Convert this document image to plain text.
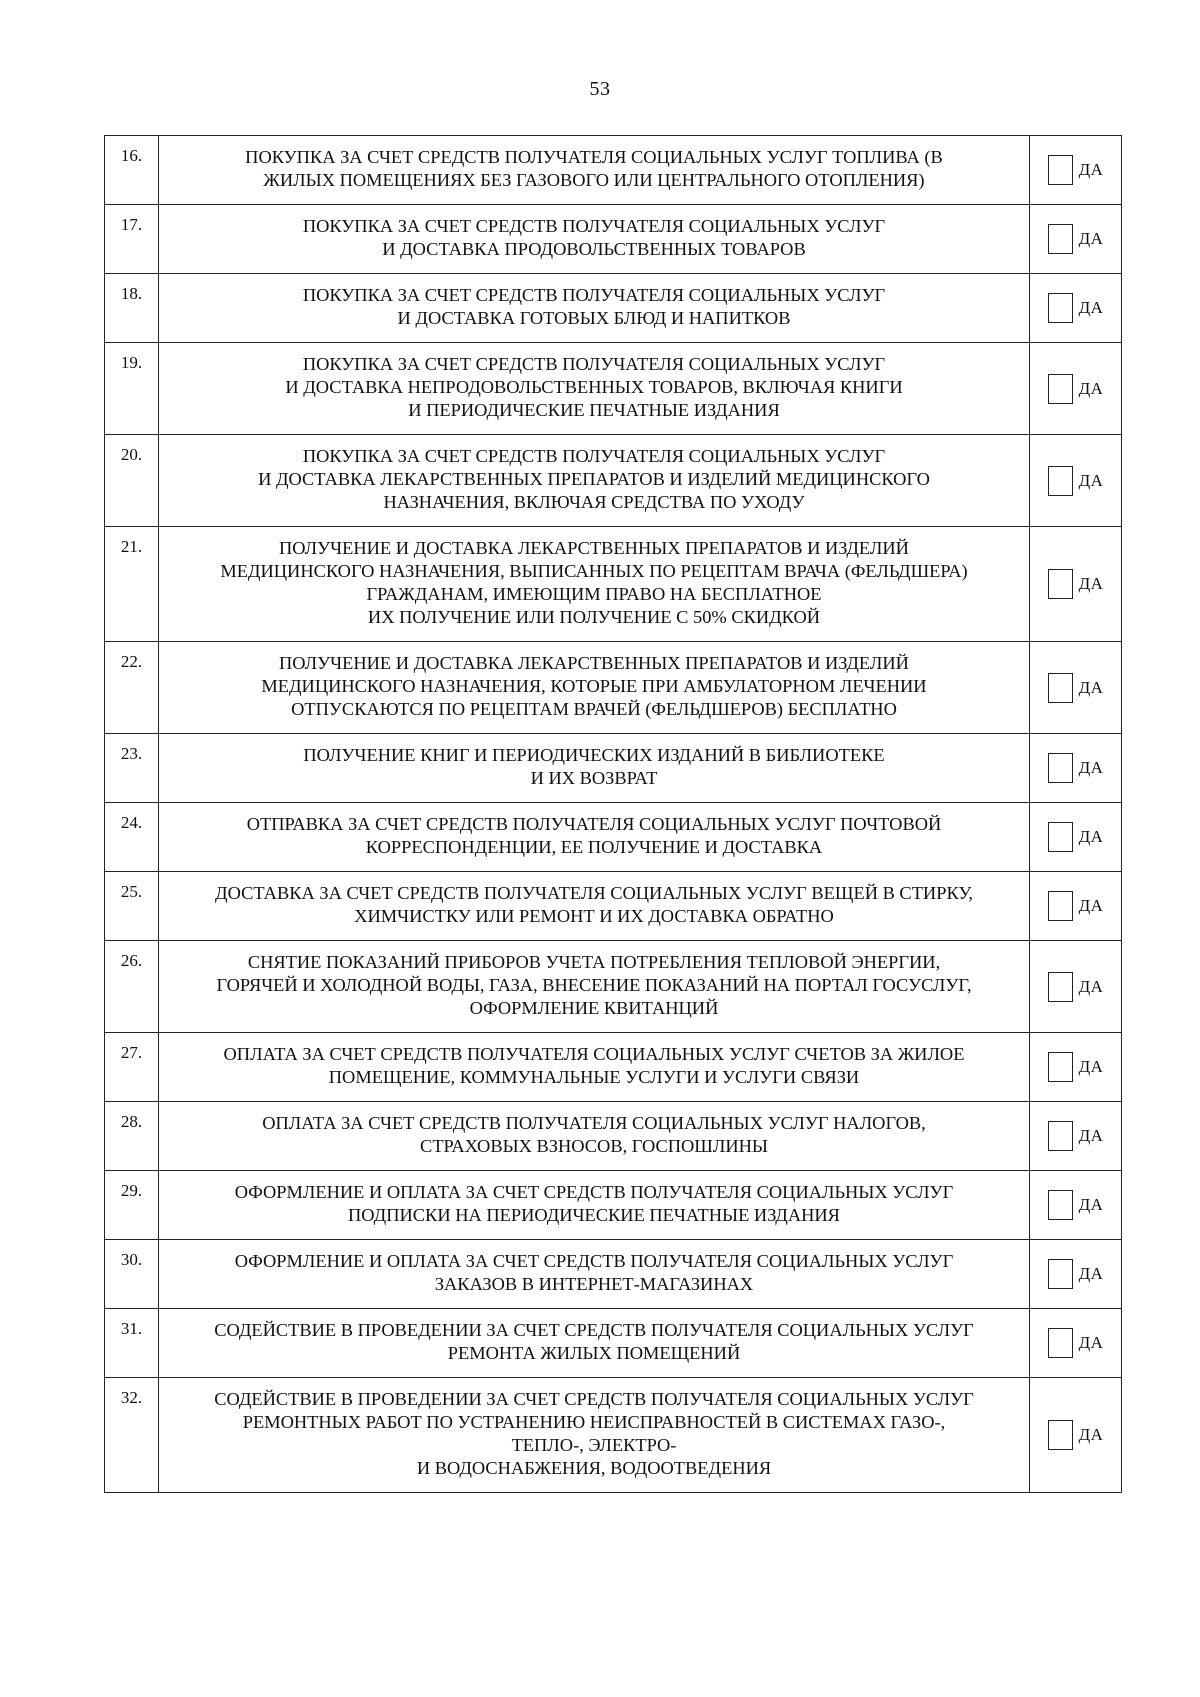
53
16.	ПОКУПКА ЗА СЧЕТ СРЕДСТВ ПОЛУЧАТЕЛЯ СОЦИАЛЬНЫХ УСЛУГ ТОПЛИВА (В
ЖИЛЫХ ПОМЕЩЕНИЯХ БЕЗ ГАЗОВОГО ИЛИ ЦЕНТРАЛЬНОГО ОТОПЛЕНИЯ)	ДА

17.	ПОКУПКА ЗА СЧЕТ СРЕДСТВ ПОЛУЧАТЕЛЯ СОЦИАЛЬНЫХ УСЛУГ
И ДОСТАВКА ПРОДОВОЛЬСТВЕННЫХ ТОВАРОВ	ДА

18.	ПОКУПКА ЗА СЧЕТ СРЕДСТВ ПОЛУЧАТЕЛЯ СОЦИАЛЬНЫХ УСЛУГ
И ДОСТАВКА ГОТОВЫХ БЛЮД И НАПИТКОВ	ДА

19.	ПОКУПКА ЗА СЧЕТ СРЕДСТВ ПОЛУЧАТЕЛЯ СОЦИАЛЬНЫХ УСЛУГ
И ДОСТАВКА НЕПРОДОВОЛЬСТВЕННЫХ ТОВАРОВ, ВКЛЮЧАЯ КНИГИ
И ПЕРИОДИЧЕСКИЕ ПЕЧАТНЫЕ ИЗДАНИЯ	ДА

20.	ПОКУПКА ЗА СЧЕТ СРЕДСТВ ПОЛУЧАТЕЛЯ СОЦИАЛЬНЫХ УСЛУГ
И ДОСТАВКА ЛЕКАРСТВЕННЫХ ПРЕПАРАТОВ И ИЗДЕЛИЙ МЕДИЦИНСКОГО
НАЗНАЧЕНИЯ, ВКЛЮЧАЯ СРЕДСТВА ПО УХОДУ	ДА

21.	ПОЛУЧЕНИЕ И ДОСТАВКА ЛЕКАРСТВЕННЫХ ПРЕПАРАТОВ И ИЗДЕЛИЙ
МЕДИЦИНСКОГО НАЗНАЧЕНИЯ, ВЫПИСАННЫХ ПО РЕЦЕПТАМ ВРАЧА (ФЕЛЬДШЕРА)
ГРАЖДАНАМ, ИМЕЮЩИМ ПРАВО НА БЕСПЛАТНОЕ
ИХ ПОЛУЧЕНИЕ ИЛИ ПОЛУЧЕНИЕ С 50% СКИДКОЙ	ДА

22.	ПОЛУЧЕНИЕ И ДОСТАВКА ЛЕКАРСТВЕННЫХ ПРЕПАРАТОВ И ИЗДЕЛИЙ
МЕДИЦИНСКОГО НАЗНАЧЕНИЯ, КОТОРЫЕ ПРИ АМБУЛАТОРНОМ ЛЕЧЕНИИ
ОТПУСКАЮТСЯ ПО РЕЦЕПТАМ ВРАЧЕЙ (ФЕЛЬДШЕРОВ) БЕСПЛАТНО	ДА

23.	ПОЛУЧЕНИЕ КНИГ И ПЕРИОДИЧЕСКИХ ИЗДАНИЙ В БИБЛИОТЕКЕ
И ИХ ВОЗВРАТ	ДА

24.	ОТПРАВКА ЗА СЧЕТ СРЕДСТВ ПОЛУЧАТЕЛЯ СОЦИАЛЬНЫХ УСЛУГ ПОЧТОВОЙ
КОРРЕСПОНДЕНЦИИ, ЕЕ ПОЛУЧЕНИЕ И ДОСТАВКА	ДА

25.	ДОСТАВКА ЗА СЧЕТ СРЕДСТВ ПОЛУЧАТЕЛЯ СОЦИАЛЬНЫХ УСЛУГ ВЕЩЕЙ В СТИРКУ,
ХИМЧИСТКУ ИЛИ РЕМОНТ И ИХ ДОСТАВКА ОБРАТНО	ДА

26.	СНЯТИЕ ПОКАЗАНИЙ ПРИБОРОВ УЧЕТА ПОТРЕБЛЕНИЯ ТЕПЛОВОЙ ЭНЕРГИИ,
ГОРЯЧЕЙ И ХОЛОДНОЙ ВОДЫ, ГАЗА, ВНЕСЕНИЕ ПОКАЗАНИЙ НА ПОРТАЛ ГОСУСЛУГ,
ОФОРМЛЕНИЕ КВИТАНЦИЙ	ДА

27.	ОПЛАТА ЗА СЧЕТ СРЕДСТВ ПОЛУЧАТЕЛЯ СОЦИАЛЬНЫХ УСЛУГ СЧЕТОВ ЗА ЖИЛОЕ
ПОМЕЩЕНИЕ, КОММУНАЛЬНЫЕ УСЛУГИ И УСЛУГИ СВЯЗИ	ДА

28.	ОПЛАТА ЗА СЧЕТ СРЕДСТВ ПОЛУЧАТЕЛЯ СОЦИАЛЬНЫХ УСЛУГ НАЛОГОВ,
СТРАХОВЫХ ВЗНОСОВ, ГОСПОШЛИНЫ	ДА

29.	ОФОРМЛЕНИЕ И ОПЛАТА ЗА СЧЕТ СРЕДСТВ ПОЛУЧАТЕЛЯ СОЦИАЛЬНЫХ УСЛУГ
ПОДПИСКИ НА ПЕРИОДИЧЕСКИЕ ПЕЧАТНЫЕ ИЗДАНИЯ	ДА

30.	ОФОРМЛЕНИЕ И ОПЛАТА ЗА СЧЕТ СРЕДСТВ ПОЛУЧАТЕЛЯ СОЦИАЛЬНЫХ УСЛУГ
ЗАКАЗОВ В ИНТЕРНЕТ-МАГАЗИНАХ	ДА

31.	СОДЕЙСТВИЕ В ПРОВЕДЕНИИ ЗА СЧЕТ СРЕДСТВ ПОЛУЧАТЕЛЯ СОЦИАЛЬНЫХ УСЛУГ
РЕМОНТА ЖИЛЫХ ПОМЕЩЕНИЙ	ДА

32.	СОДЕЙСТВИЕ В ПРОВЕДЕНИИ ЗА СЧЕТ СРЕДСТВ ПОЛУЧАТЕЛЯ СОЦИАЛЬНЫХ УСЛУГ
РЕМОНТНЫХ РАБОТ ПО УСТРАНЕНИЮ НЕИСПРАВНОСТЕЙ В СИСТЕМАХ ГАЗО-,
ТЕПЛО-, ЭЛЕКТРО-
И ВОДОСНАБЖЕНИЯ, ВОДООТВЕДЕНИЯ	ДА
